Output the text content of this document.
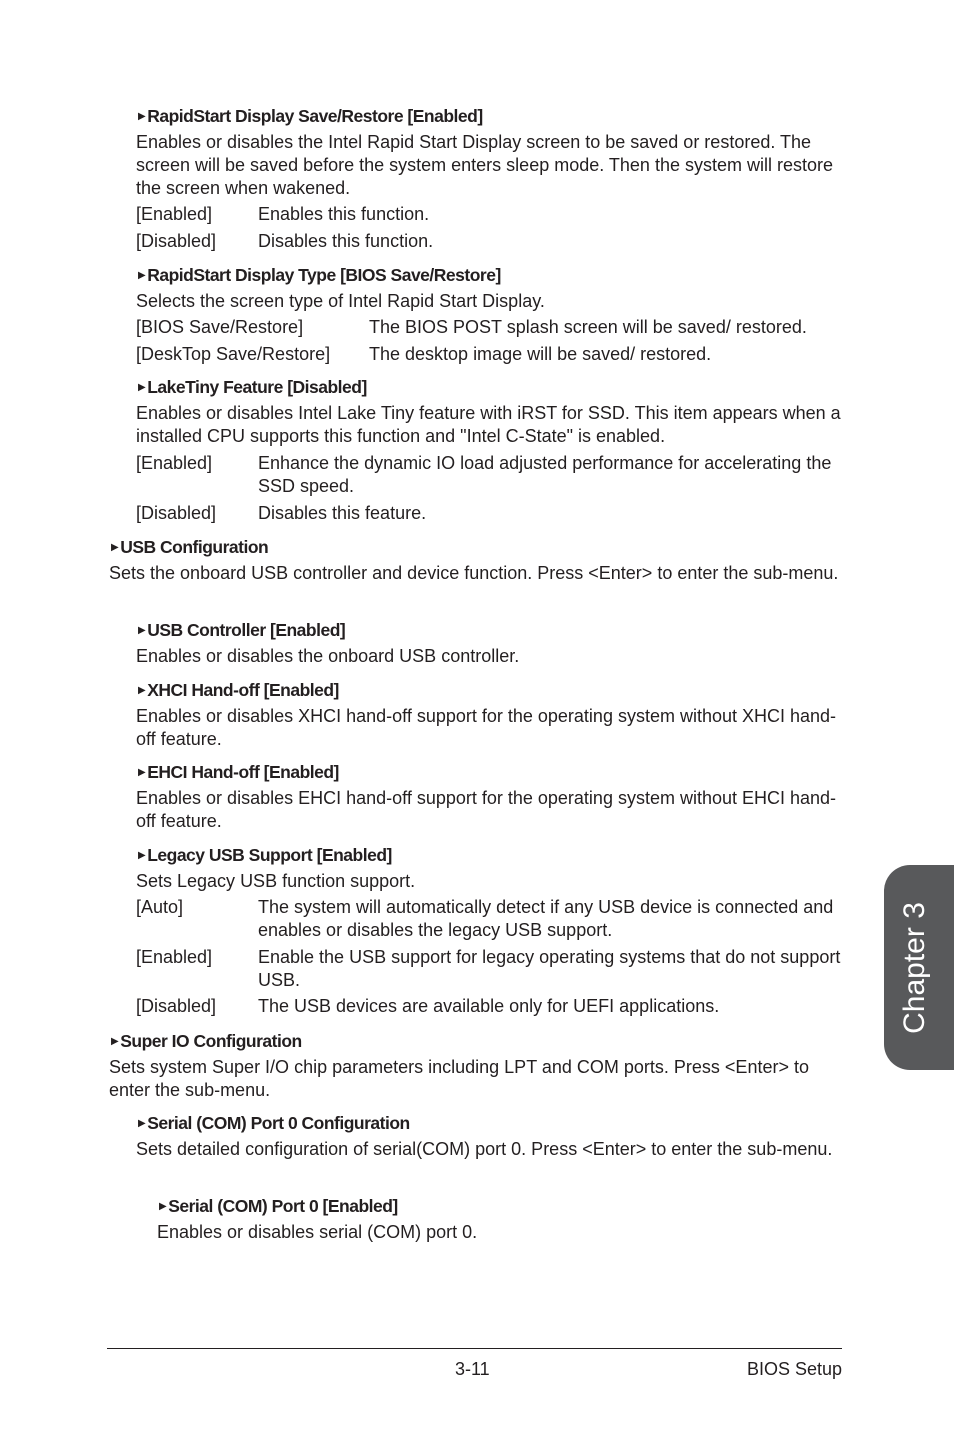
▶ RapidStart Display Save/Restore [Enabled]

Enables or disables the Intel Rapid Start Display screen to be saved or restored. The screen will be saved before the system enters sleep mode. Then the system will restore the screen when wakened.

[Enabled]	Enables this function.
[Disabled] Disables this function.
▶ RapidStart Display Type [BIOS Save/Restore]

Selects the screen type of Intel Rapid Start Display.

[BIOS Save/Restore]	The BIOS POST splash screen will be saved/ restored.
[DeskTop Save/Restore] The desktop image will be saved/ restored.
▶ LakeTiny Feature [Disabled]

Enables or disables Intel Lake Tiny feature with iRST for SSD. This item appears when a installed CPU supports this function and "Intel C-State" is enabled.

[Enabled]	Enhance the dynamic IO load adjusted performance for accelerating the SSD speed.
[Disabled] Disables this feature.
▶ USB Configuration

Sets the onboard USB controller and device function. Press <Enter> to enter the sub-menu.

▶ USB Controller [Enabled]

Enables or disables the onboard USB controller.

▶ XHCI Hand-off [Enabled]

Enables or disables XHCI hand-off support for the operating system without XHCI hand-off feature.

▶ EHCI Hand-off [Enabled]

Enables or disables EHCI hand-off support for the operating system without EHCI hand-off feature.

▶ Legacy USB Support [Enabled]

Sets Legacy USB function support.

[Auto]	The system will automatically detect if any USB device is connected and enables or disables the legacy USB support.
[Enabled]	Enable the USB support for legacy operating systems that do not support USB.
[Disabled] The USB devices are available only for UEFI applications.
▶ Super IO Configuration

Sets system Super I/O chip parameters including LPT and COM ports. Press <Enter> to enter the sub-menu.

▶ Serial (COM) Port 0 Configuration

Sets detailed configuration of serial(COM) port 0. Press <Enter> to enter the sub-menu.

▶ Serial (COM) Port 0 [Enabled]

Enables or disables serial (COM) port 0.

3-11	BIOS Setup
Chapter 3
